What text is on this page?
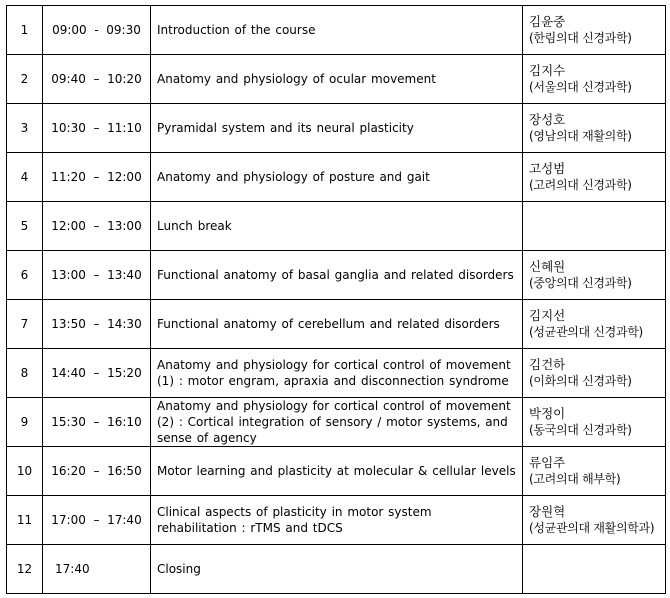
1	09:00  -  09:30	Introduction of the course	김윤중
(한림의대 신경과학)

2	09:40  –  10:20	Anatomy and physiology of ocular movement	김지수
(서울의대 신경과학)

3	10:30  –  11:10	Pyramidal system and its neural plasticity	장성호
(영남의대 재활의학)

4	11:20  –  12:00	Anatomy and physiology of posture and gait	고성범
(고려의대 신경과학)

5	12:00  –  13:00	Lunch break	

6	13:00  –  13:40	Functional anatomy of basal ganglia and related disorders	신혜원
(중앙의대 신경과학)

7	13:50  –  14:30	Functional anatomy of cerebellum and related disorders	김지선
(성균관의대 신경과학)

8	14:40  –  15:20	Anatomy and physiology for cortical control of movement (1) : motor engram, apraxia and disconnection syndrome	김건하
(이화의대 신경과학)

9	15:30  –  16:10	Anatomy and physiology for cortical control of movement (2) : Cortical integration of sensory / motor systems, and sense of agency	박정이
(동국의대 신경과학)

10	16:20  –  16:50	Motor learning and plasticity at molecular & cellular levels	류임주
(고려의대 해부학)

11	17:00  –  17:40	Clinical aspects of plasticity in motor system rehabilitation : rTMS and tDCS	장원혁
(성균관의대 재활의학과)

12	17:40	Closing	
